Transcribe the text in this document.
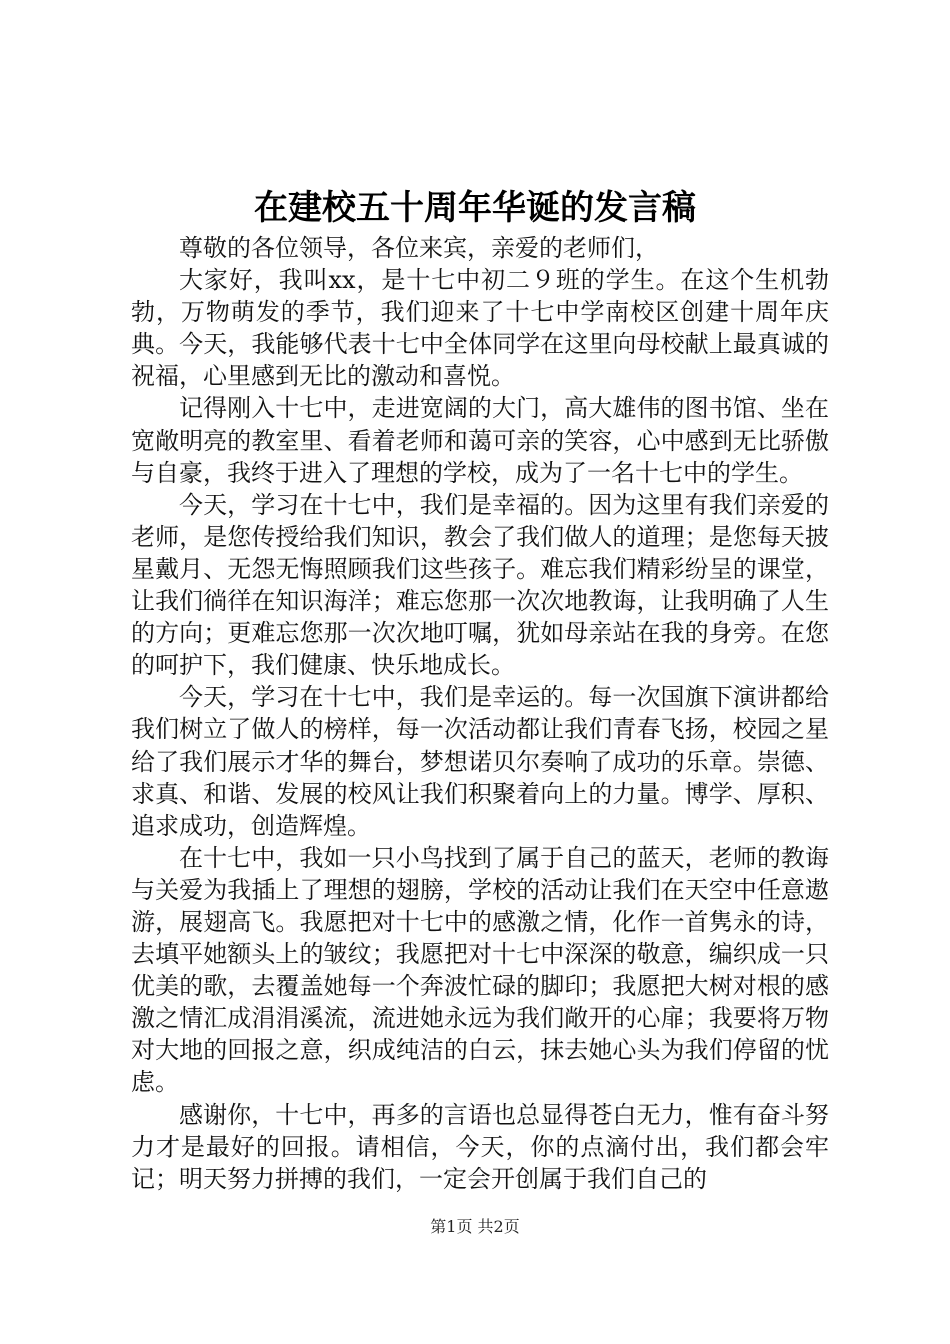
在建校五十周年华诞的发言稿

尊敬的各位领导，各位来宾，亲爱的老师们，

大家好，我叫xx，是十七中初二９班的学生。在这个生机勃勃，万物萌发的季节，我们迎来了十七中学南校区创建十周年庆典。今天，我能够代表十七中全体同学在这里向母校献上最真诚的祝福，心里感到无比的激动和喜悦。

记得刚入十七中，走进宽阔的大门，高大雄伟的图书馆、坐在宽敞明亮的教室里、看着老师和蔼可亲的笑容，心中感到无比骄傲与自豪，我终于进入了理想的学校，成为了一名十七中的学生。

今天，学习在十七中，我们是幸福的。因为这里有我们亲爱的老师，是您传授给我们知识，教会了我们做人的道理；是您每天披星戴月、无怨无悔照顾我们这些孩子。难忘我们精彩纷呈的课堂，让我们徜徉在知识海洋；难忘您那一次次地教诲，让我明确了人生的方向；更难忘您那一次次地叮嘱，犹如母亲站在我的身旁。在您的呵护下，我们健康、快乐地成长。

今天，学习在十七中，我们是幸运的。每一次国旗下演讲都给我们树立了做人的榜样，每一次活动都让我们青春飞扬，校园之星给了我们展示才华的舞台，梦想诺贝尔奏响了成功的乐章。崇德、求真、和谐、发展的校风让我们积聚着向上的力量。博学、厚积、追求成功，创造辉煌。

在十七中，我如一只小鸟找到了属于自己的蓝天，老师的教诲与关爱为我插上了理想的翅膀，学校的活动让我们在天空中任意遨游，展翅高飞。我愿把对十七中的感激之情，化作一首隽永的诗，去填平她额头上的皱纹；我愿把对十七中深深的敬意，编织成一只优美的歌，去覆盖她每一个奔波忙碌的脚印；我愿把大树对根的感激之情汇成涓涓溪流，流进她永远为我们敞开的心扉；我要将万物对大地的回报之意，织成纯洁的白云，抹去她心头为我们停留的忧虑。

感谢你，十七中，再多的言语也总显得苍白无力，惟有奋斗努力才是最好的回报。请相信，今天，你的点滴付出，我们都会牢记；明天努力拼搏的我们，一定会开创属于我们自己的

第1页 共2页
